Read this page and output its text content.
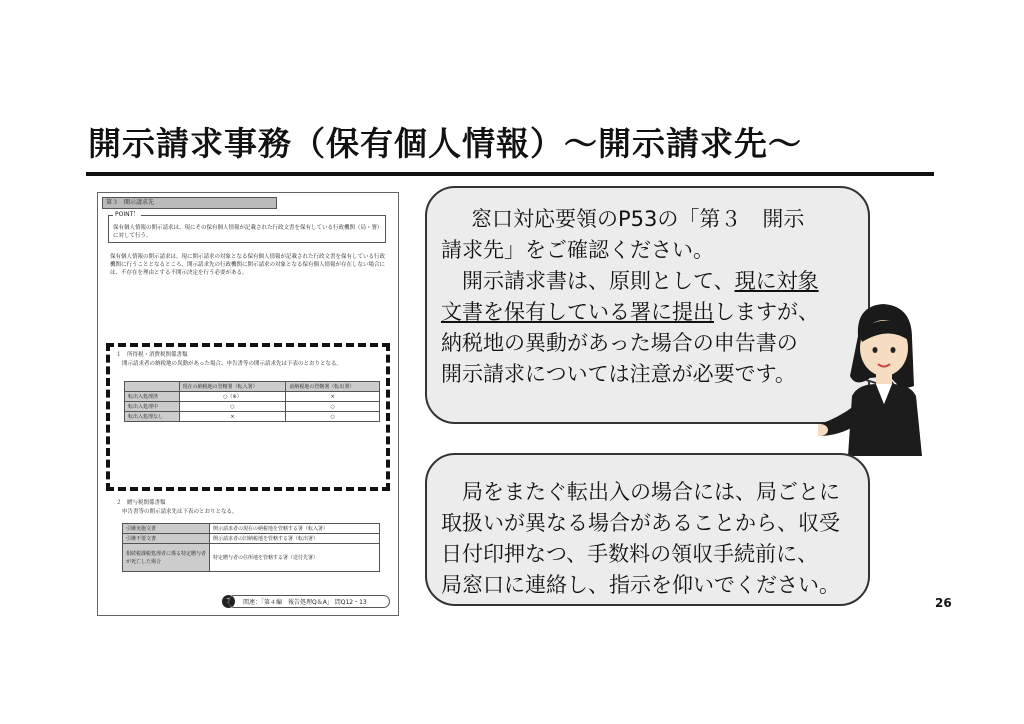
開示請求事務（保有個人情報）～開示請求先～
第３　開示請求先
POINT！
保有個人情報の開示請求は、現にその保有個人情報が記載された行政文書を保有している行政機関（局・署）に対して行う。
保有個人情報の開示請求は、現に開示請求の対象となる保有個人情報が記載された行政文書を保有している行政機関に行うこととなるところ、開示請求先の行政機関に開示請求の対象となる保有個人情報が存在しない場合には、不存在を理由とする不開示決定を行う必要がある。
１　所得税・消費税関係書類
開示請求者の納税地の異動があった場合、申告書等の開示請求先は下表のとおりとなる。
	現在の納税地の管轄署（転入署）	前納税地の管轄署（転出署）
転出入処理済	○（※）	×
転出入処理中	○	○
転出入処理なし	×	○
２　贈与税関係書類
申告書等の開示請求先は下表のとおりとなる。
引継実施文書	開示請求者の現在の納税地を管轄する署（転入署）
引継不要文書	開示請求者の旧納税地を管轄する署（転出署）
相続税課税処理者に係る特定贈与者が死亡した場合	特定贈与者の住所地を管轄する署（送付先署）
7	関連：「第４編　報告処理Q＆A」 問Q12・13

窓口対応要領のP53の「第３　開示

請求先」をご確認ください。

開示請求書は、原則として、現に対象

文書を保有している署に提出しますが、

納税地の異動があった場合の申告書の

開示請求については注意が必要です。

局をまたぐ転出入の場合には、局ごとに

取扱いが異なる場合があることから、収受

日付印押なつ、手数料の領収手続前に、

局窓口に連絡し、指示を仰いでください。

26
